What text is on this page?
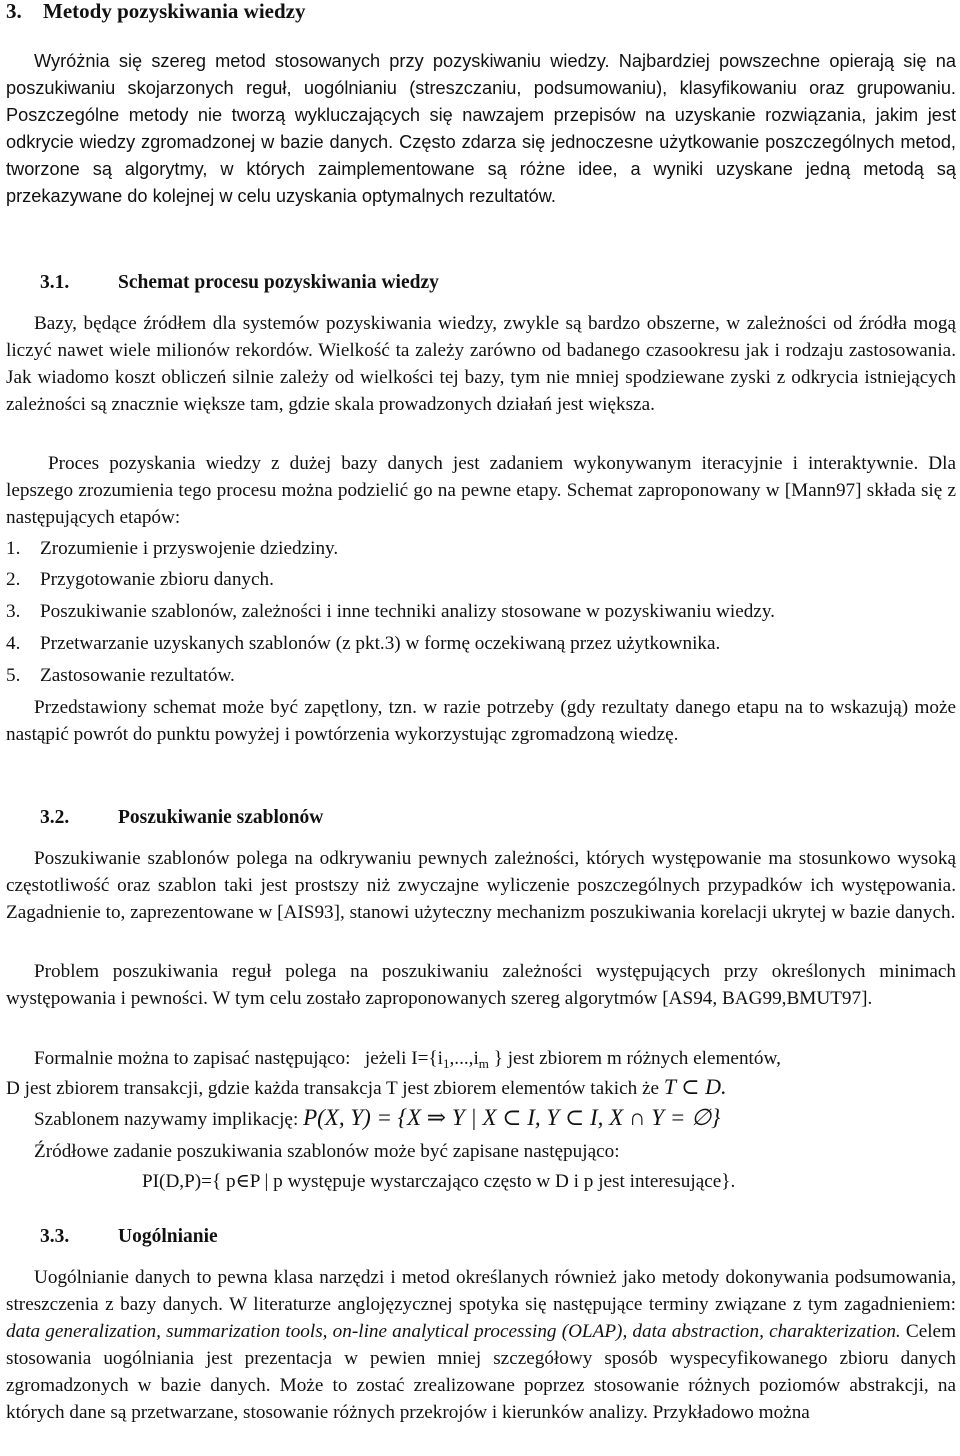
3. Metody pozyskiwania wiedzy
Wyróżnia się szereg metod stosowanych przy pozyskiwaniu wiedzy. Najbardziej powszechne opierają się na poszukiwaniu skojarzonych reguł, uogólnianiu (streszczaniu, podsumowaniu), klasyfikowaniu oraz grupowaniu. Poszczególne metody nie tworzą wykluczających się nawzajem przepisów na uzyskanie rozwiązania, jakim jest odkrycie wiedzy zgromadzonej w bazie danych. Często zdarza się jednoczesne użytkowanie poszczególnych metod, tworzone są algorytmy, w których zaimplementowane są różne idee, a wyniki uzyskane jedną metodą są przekazywane do kolejnej w celu uzyskania optymalnych rezultatów.
3.1.	Schemat procesu pozyskiwania wiedzy
Bazy, będące źródłem dla systemów pozyskiwania wiedzy, zwykle są bardzo obszerne, w zależności od źródła mogą liczyć nawet wiele milionów rekordów. Wielkość ta zależy zarówno od badanego czasookresu jak i rodzaju zastosowania. Jak wiadomo koszt obliczeń silnie zależy od wielkości tej bazy, tym nie mniej spodziewane zyski z odkrycia istniejących zależności są znacznie większe tam, gdzie skala prowadzonych działań jest większa.
Proces pozyskania wiedzy z dużej bazy danych jest zadaniem wykonywanym iteracyjnie i interaktywnie. Dla lepszego zrozumienia tego procesu można podzielić go na pewne etapy. Schemat zaproponowany w [Mann97] składa się z następujących etapów:
1. Zrozumienie i przyswojenie dziedziny.
2. Przygotowanie zbioru danych.
3. Poszukiwanie szablonów, zależności i inne techniki analizy stosowane w pozyskiwaniu wiedzy.
4. Przetwarzanie uzyskanych szablonów (z pkt.3) w formę oczekiwaną przez użytkownika.
5. Zastosowanie rezultatów.
Przedstawiony schemat może być zapętlony, tzn. w razie potrzeby (gdy rezultaty danego etapu na to wskazują) może nastąpić powrót do punktu powyżej i powtórzenia wykorzystując zgromadzoną wiedzę.
3.2.	Poszukiwanie szablonów
Poszukiwanie szablonów polega na odkrywaniu pewnych zależności, których występowanie ma stosunkowo wysoką częstotliwość oraz szablon taki jest prostszy niż zwyczajne wyliczenie poszczególnych przypadków ich występowania. Zagadnienie to, zaprezentowane w [AIS93], stanowi użyteczny mechanizm poszukiwania korelacji ukrytej w bazie danych.
Problem poszukiwania reguł polega na poszukiwaniu zależności występujących przy określonych minimach występowania i pewności. W tym celu zostało zaproponowanych szereg algorytmów [AS94, BAG99,BMUT97].
Formalnie można to zapisać następująco: jeżeli $I=\{i_1,...,i_m$ } jest zbiorem m różnych elementów,
D jest zbiorem transakcji, gdzie każda transakcja T jest zbiorem elementów takich że T ⊂ D.
Szablonem nazywamy implikację: P(X, Y) = {X ⇒ Y | X ⊂ I, Y ⊂ I, X ∩ Y = ∅}
Źródłowe zadanie poszukiwania szablonów może być zapisane następująco:
PI(D,P)={ p∈P | p występuje wystarczająco często w D i p jest interesujące}.
3.3.	Uogólnianie
Uogólnianie danych to pewna klasa narzędzi i metod określanych również jako metody dokonywania podsumowania, streszczenia z bazy danych. W literaturze anglojęzycznej spotyka się następujące terminy związane z tym zagadnieniem: data generalization, summarization tools, on-line analytical processing (OLAP), data abstraction, charakterization. Celem stosowania uogólniania jest prezentacja w pewien mniej szczegółowy sposób wyspecyfikowanego zbioru danych zgromadzonych w bazie danych. Może to zostać zrealizowane poprzez stosowanie różnych poziomów abstrakcji, na których dane są przetwarzane, stosowanie różnych przekrojów i kierunków analizy. Przykładowo można
